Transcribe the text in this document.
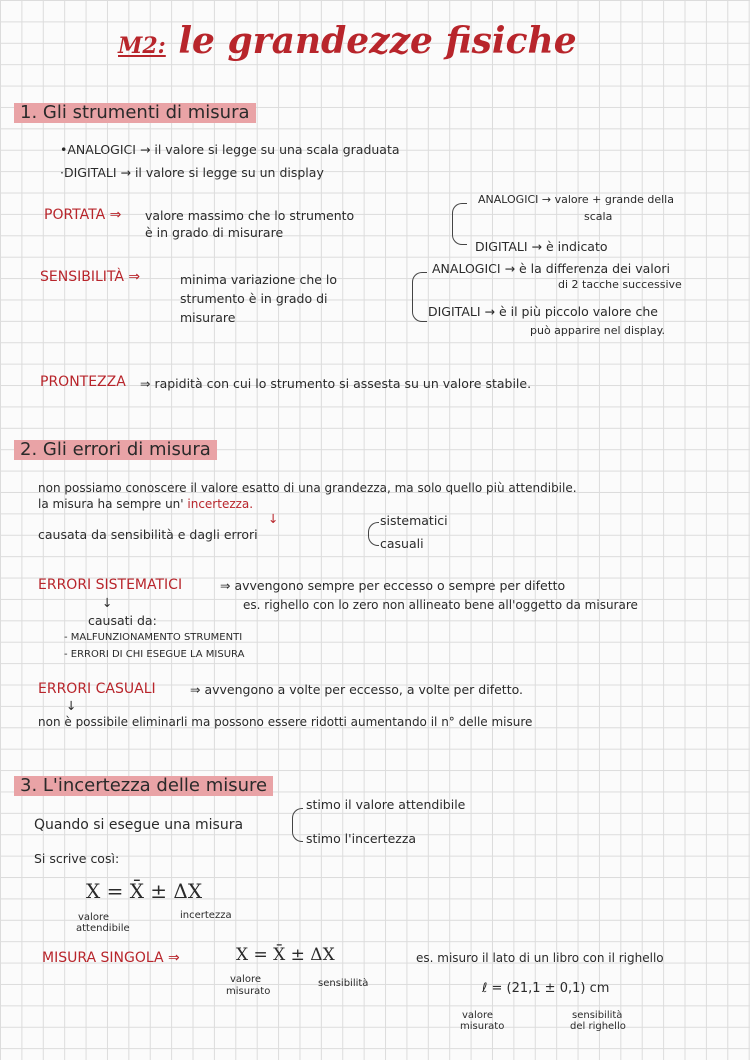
M2: le grandezze fisiche
1. Gli strumenti di misura
•ANALOGICI → il valore si legge su una scala graduata
·DIGITALI → il valore si legge su un display
PORTATA ⇒ valore massimo che lo strumento
è in grado di misurare
ANALOGICI → valore + grande della
scala
DIGITALI → è indicato
SENSIBILITÀ ⇒	minima variazione che lo
strumento è in grado di
misurare
ANALOGICI → è la differenza dei valori
di 2 tacche successive
DIGITALI → è il più piccolo valore che
può apparire nel display.
PRONTEZZA ⇒ rapidità con cui lo strumento si assesta su un valore stabile.
2. Gli errori di misura
non possiamo conoscere il valore esatto di una grandezza, ma solo quello più attendibile.
la misura ha sempre un' incertezza.
↓
causata da sensibilità e dagli errori
sistematici
casuali
ERRORI SISTEMATICI	⇒ avvengono sempre per eccesso o sempre per difetto
es. righello con lo zero non allineato bene all'oggetto da misurare
↓
causati da:
- MALFUNZIONAMENTO STRUMENTI
- ERRORI DI CHI ESEGUE LA MISURA
ERRORI CASUALI	⇒ avvengono a volte per eccesso, a volte per difetto.
↓
non è possibile eliminarli ma possono essere ridotti aumentando il n° delle misure
3. L'incertezza delle misure
Quando si esegue una misura
stimo il valore attendibile
stimo l'incertezza
Si scrive così:
X = X̄ ± ΔX
valore
attendibile
incertezza
MISURA SINGOLA ⇒	X = X̄ ± ΔX
valore
misurato
sensibilità
es. misuro il lato di un libro con il righello
ℓ = (21,1 ± 0,1) cm
valore
misurato
sensibilità
del righello
